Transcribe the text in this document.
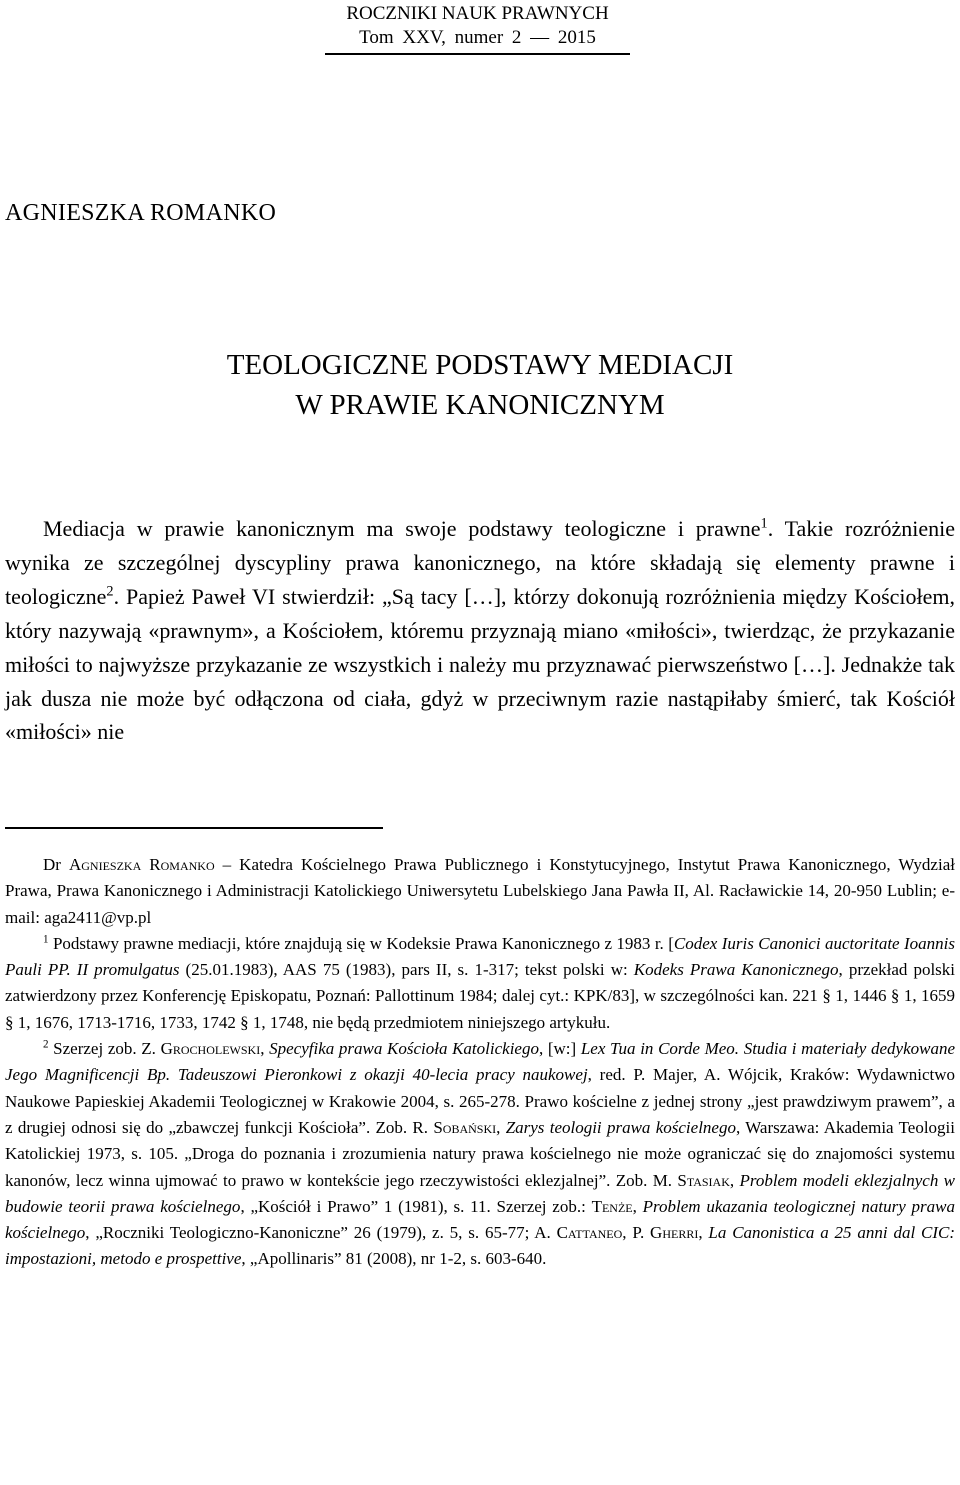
ROCZNIKI NAUK PRAWNYCH
Tom XXV, numer 2 — 2015
AGNIESZKA ROMANKO
TEOLOGICZNE PODSTAWY MEDIACJI
W PRAWIE KANONICZNYM

Mediacja w prawie kanonicznym ma swoje podstawy teologiczne i prawne$^1$. Takie rozróżnienie wynika ze szczególnej dyscypliny prawa kanonicznego, na które składają się elementy prawne i teologiczne$^2$. Papież Paweł VI stwierdził: „Są tacy […], którzy dokonują rozróżnienia między Kościołem, który nazywają «prawnym», a Kościołem, któremu przyznają miano «miłości», twierdząc, że przykazanie miłości to najwyższe przykazanie ze wszystkich i należy mu przyznawać pierwszeństwo […]. Jednakże tak jak dusza nie może być odłączona od ciała, gdyż w przeciwnym razie nastąpiłaby śmierć, tak Kościół «miłości» nie

Dr Agnieszka Romanko – Katedra Kościelnego Prawa Publicznego i Konstytucyjnego, Instytut Prawa Kanonicznego, Wydział Prawa, Prawa Kanonicznego i Administracji Katolickiego Uniwersytetu Lubelskiego Jana Pawła II, Al. Racławickie 14, 20-950 Lublin; e-mail: aga2411@vp.pl

$^1$ Podstawy prawne mediacji, które znajdują się w Kodeksie Prawa Kanonicznego z 1983 r. [Codex Iuris Canonici auctoritate Ioannis Pauli PP. II promulgatus (25.01.1983), AAS 75 (1983), pars II, s. 1-317; tekst polski w: Kodeks Prawa Kanonicznego, przekład polski zatwierdzony przez Konferencję Episkopatu, Poznań: Pallottinum 1984; dalej cyt.: KPK/83], w szczególności kan. 221 § 1, 1446 § 1, 1659 § 1, 1676, 1713-1716, 1733, 1742 § 1, 1748, nie będą przedmiotem niniejszego artykułu.

$^2$ Szerzej zob. Z. Grocholewski, Specyfika prawa Kościoła Katolickiego, [w:] Lex Tua in Corde Meo. Studia i materiały dedykowane Jego Magnificencji Bp. Tadeuszowi Pieronkowi z okazji 40-lecia pracy naukowej, red. P. Majer, A. Wójcik, Kraków: Wydawnictwo Naukowe Papieskiej Akademii Teologicznej w Krakowie 2004, s. 265-278. Prawo kościelne z jednej strony „jest prawdziwym prawem”, a z drugiej odnosi się do „zbawczej funkcji Kościoła”. Zob. R. Sobański, Zarys teologii prawa kościelnego, Warszawa: Akademia Teologii Katolickiej 1973, s. 105. „Droga do poznania i zrozumienia natury prawa kościelnego nie może ograniczać się do znajomości systemu kanonów, lecz winna ujmować to prawo w kontekście jego rzeczywistości eklezjalnej”. Zob. M. Stasiak, Problem modeli eklezjalnych w budowie teorii prawa kościelnego, „Kościół i Prawo” 1 (1981), s. 11. Szerzej zob.: Tenże, Problem ukazania teologicznej natury prawa kościelnego, „Roczniki Teologiczno-Kanoniczne” 26 (1979), z. 5, s. 65-77; A. Cattaneo, P. Gherri, La Canonistica a 25 anni dal CIC: impostazioni, metodo e prospettive, „Apollinaris” 81 (2008), nr 1-2, s. 603-640.
